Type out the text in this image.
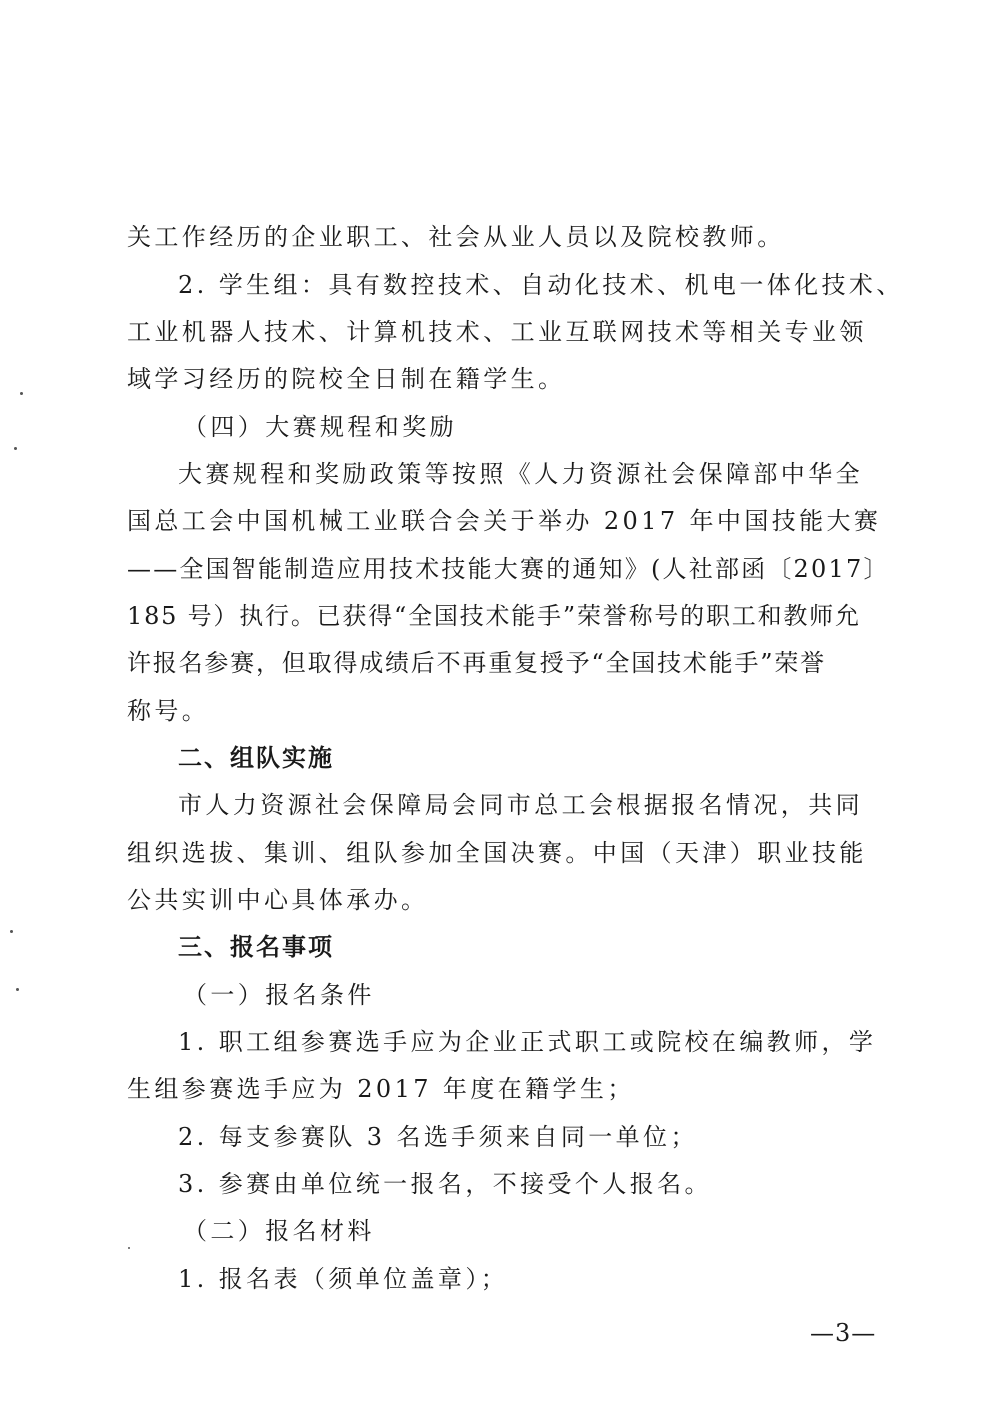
关工作经历的企业职工、社会从业人员以及院校教师。
2. 学生组：具有数控技术、自动化技术、机电一体化技术、
工业机器人技术、计算机技术、工业互联网技术等相关专业领
域学习经历的院校全日制在籍学生。
（四）大赛规程和奖励
大赛规程和奖励政策等按照《人力资源社会保障部中华全
国总工会中国机械工业联合会关于举办 2017 年中国技能大赛
——全国智能制造应用技术技能大赛的通知》(人社部函〔2017〕
185 号）执行。已获得“全国技术能手”荣誉称号的职工和教师允
许报名参赛，但取得成绩后不再重复授予“全国技术能手”荣誉
称号。
二、组队实施
市人力资源社会保障局会同市总工会根据报名情况，共同
组织选拔、集训、组队参加全国决赛。中国（天津）职业技能
公共实训中心具体承办。
三、报名事项
（一）报名条件
1. 职工组参赛选手应为企业正式职工或院校在编教师，学
生组参赛选手应为 2017 年度在籍学生；
2. 每支参赛队 3 名选手须来自同一单位；
3. 参赛由单位统一报名，不接受个人报名。
（二）报名材料
1. 报名表（须单位盖章）；
—3—
